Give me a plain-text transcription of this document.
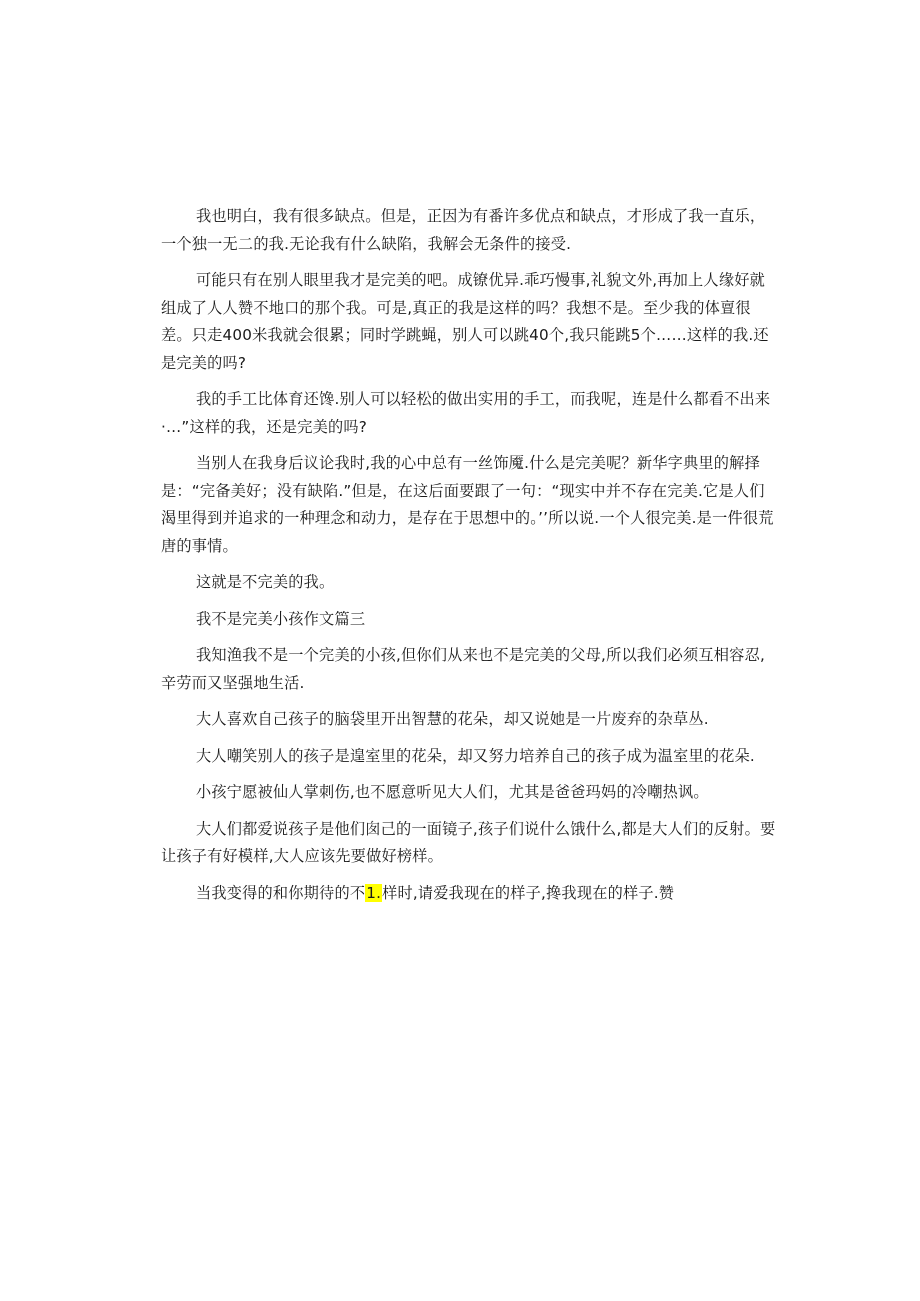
我也明白，我有很多缺点。但是，正因为有番许多优点和缺点，才形成了我一直乐，一个独一无二的我.无论我有什么缺陷，我解会无条件的接受.

可能只有在别人眼里我才是完美的吧。成镣优异.乖巧慢事,礼貌文外,再加上人缘好就组成了人人赞不地口的那个我。可是,真正的我是这样的吗？我想不是。至少我的体亶很差。只走400米我就会很累；同时学跳蝇，别人可以跳40个,我只能跳5个……这样的我.还是完美的吗?

我的手工比体育还馋.别人可以轻松的做出实用的手工，而我呢，连是什么都看不出来·…”这样的我，还是完美的吗?

当别人在我身后议论我时,我的心中总有一丝饰魇.什么是完美呢？新华字典里的解择是：“完备美好；没有缺陷.”但是，在这后面要跟了一句：“现实中并不存在完美.它是人们渴里得到并追求的一种理念和动力，是存在于思想中的。’’所以说.一个人很完美.是一件很荒唐的事情。

这就是不完美的我。

我不是完美小孩作文篇三

我知渔我不是一个完美的小孩,但你们从来也不是完美的父母,所以我们必须互相容忍,辛劳而又坚强地生活.

大人喜欢自己孩子的脑袋里开出智慧的花朵，却又说她是一片废弃的杂草丛.

大人嘲笑别人的孩子是遑室里的花朵，却又努力培养自己的孩子成为温室里的花朵.

小孩宁愿被仙人掌刺伤,也不愿意听见大人们，尤其是爸爸玛妈的冷嘲热讽。

大人们都爱说孩子是他们囱己的一面镜子,孩子们说什么饿什么,都是大人们的反射。要让孩子有好模样,大人应该先要做好榜样。

当我变得的和你期待的不1.样时,请爱我现在的样子,搀我现在的样子.赞
